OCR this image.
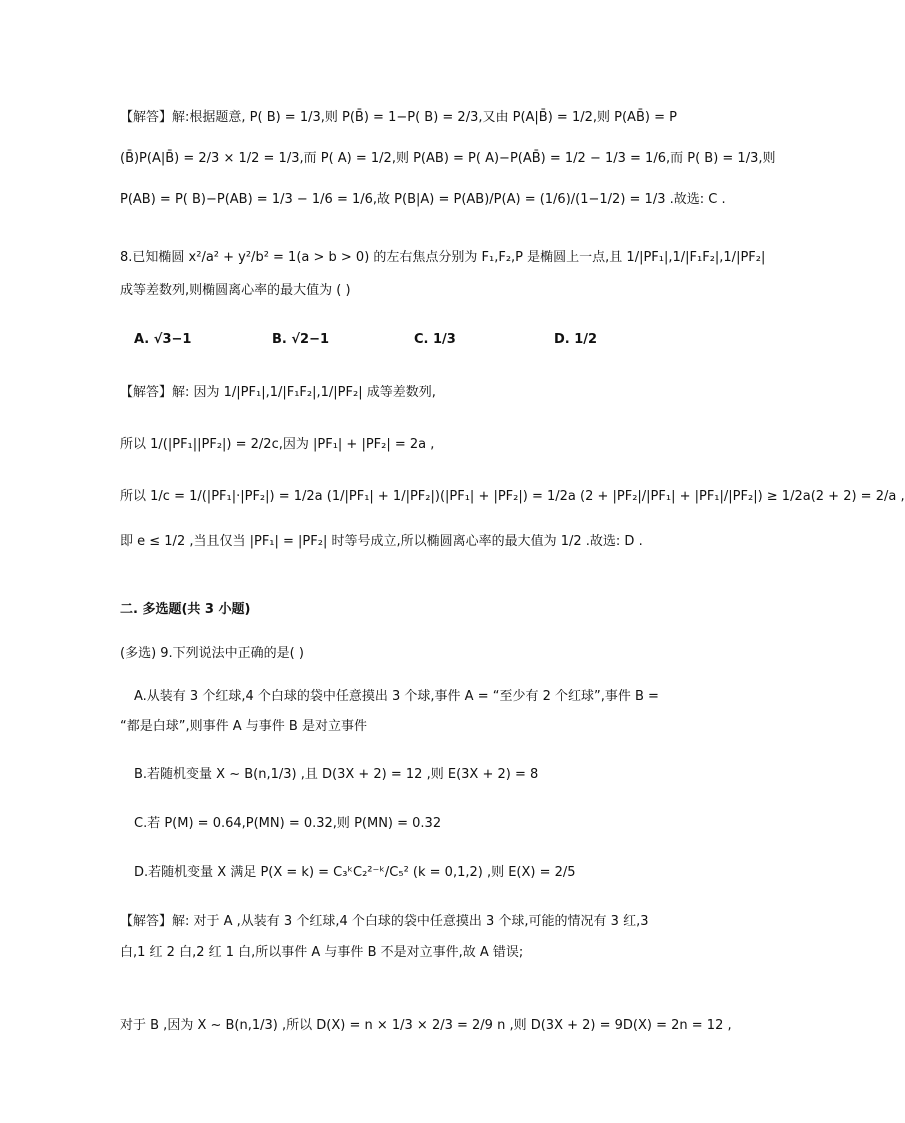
【解答】解:根据题意, P( B) = 1/3,则 P(B̄) = 1−P( B) = 2/3,又由 P(A|B̄) = 1/2,则 P(AB̄) = P
(B̄)P(A|B̄) = 2/3 × 1/2 = 1/3,而 P( A) = 1/2,则 P(AB) = P( A)−P(AB̄) = 1/2 − 1/3 = 1/6,而 P( B) = 1/3,则
P(AB) = P( B)−P(AB) = 1/3 − 1/6 = 1/6,故 P(B|A) = P(AB)/P(A) = (1/6)/(1−1/2) = 1/3 .故选: C .
8.已知椭圆 x²/a² + y²/b² = 1(a > b > 0) 的左右焦点分别为 F₁,F₂,P 是椭圆上一点,且 1/|PF₁|,1/|F₁F₂|,1/|PF₂|
成等差数列,则椭圆离心率的最大值为 ( )
A. √3−1	B. √2−1	C. 1/3	D. 1/2
【解答】解: 因为 1/|PF₁|,1/|F₁F₂|,1/|PF₂| 成等差数列,
所以 1/(|PF₁||PF₂|) = 2/2c,因为 |PF₁| + |PF₂| = 2a ,
所以 1/c = 1/(|PF₁|·|PF₂|) = 1/2a (1/|PF₁| + 1/|PF₂|)(|PF₁| + |PF₂|) = 1/2a (2 + |PF₂|/|PF₁| + |PF₁|/|PF₂|) ≥ 1/2a(2 + 2) = 2/a ,
即 e ≤ 1/2 ,当且仅当 |PF₁| = |PF₂| 时等号成立,所以椭圆离心率的最大值为 1/2 .故选: D .
二. 多选题(共 3 小题)
(多选) 9.下列说法中正确的是( )
A.从装有 3 个红球,4 个白球的袋中任意摸出 3 个球,事件 A = “至少有 2 个红球”,事件 B =
“都是白球”,则事件 A 与事件 B 是对立事件
B.若随机变量 X ~ B(n,1/3) ,且 D(3X + 2) = 12 ,则 E(3X + 2) = 8
C.若 P(M) = 0.64,P(MN) = 0.32,则 P(MN) = 0.32
D.若随机变量 X 满足 P(X = k) = C₃ᵏC₂²⁻ᵏ/C₅² (k = 0,1,2) ,则 E(X) = 2/5
【解答】解: 对于 A ,从装有 3 个红球,4 个白球的袋中任意摸出 3 个球,可能的情况有 3 红,3
白,1 红 2 白,2 红 1 白,所以事件 A 与事件 B 不是对立事件,故 A 错误;
对于 B ,因为 X ~ B(n,1/3) ,所以 D(X) = n × 1/3 × 2/3 = 2/9 n ,则 D(3X + 2) = 9D(X) = 2n = 12 ,
